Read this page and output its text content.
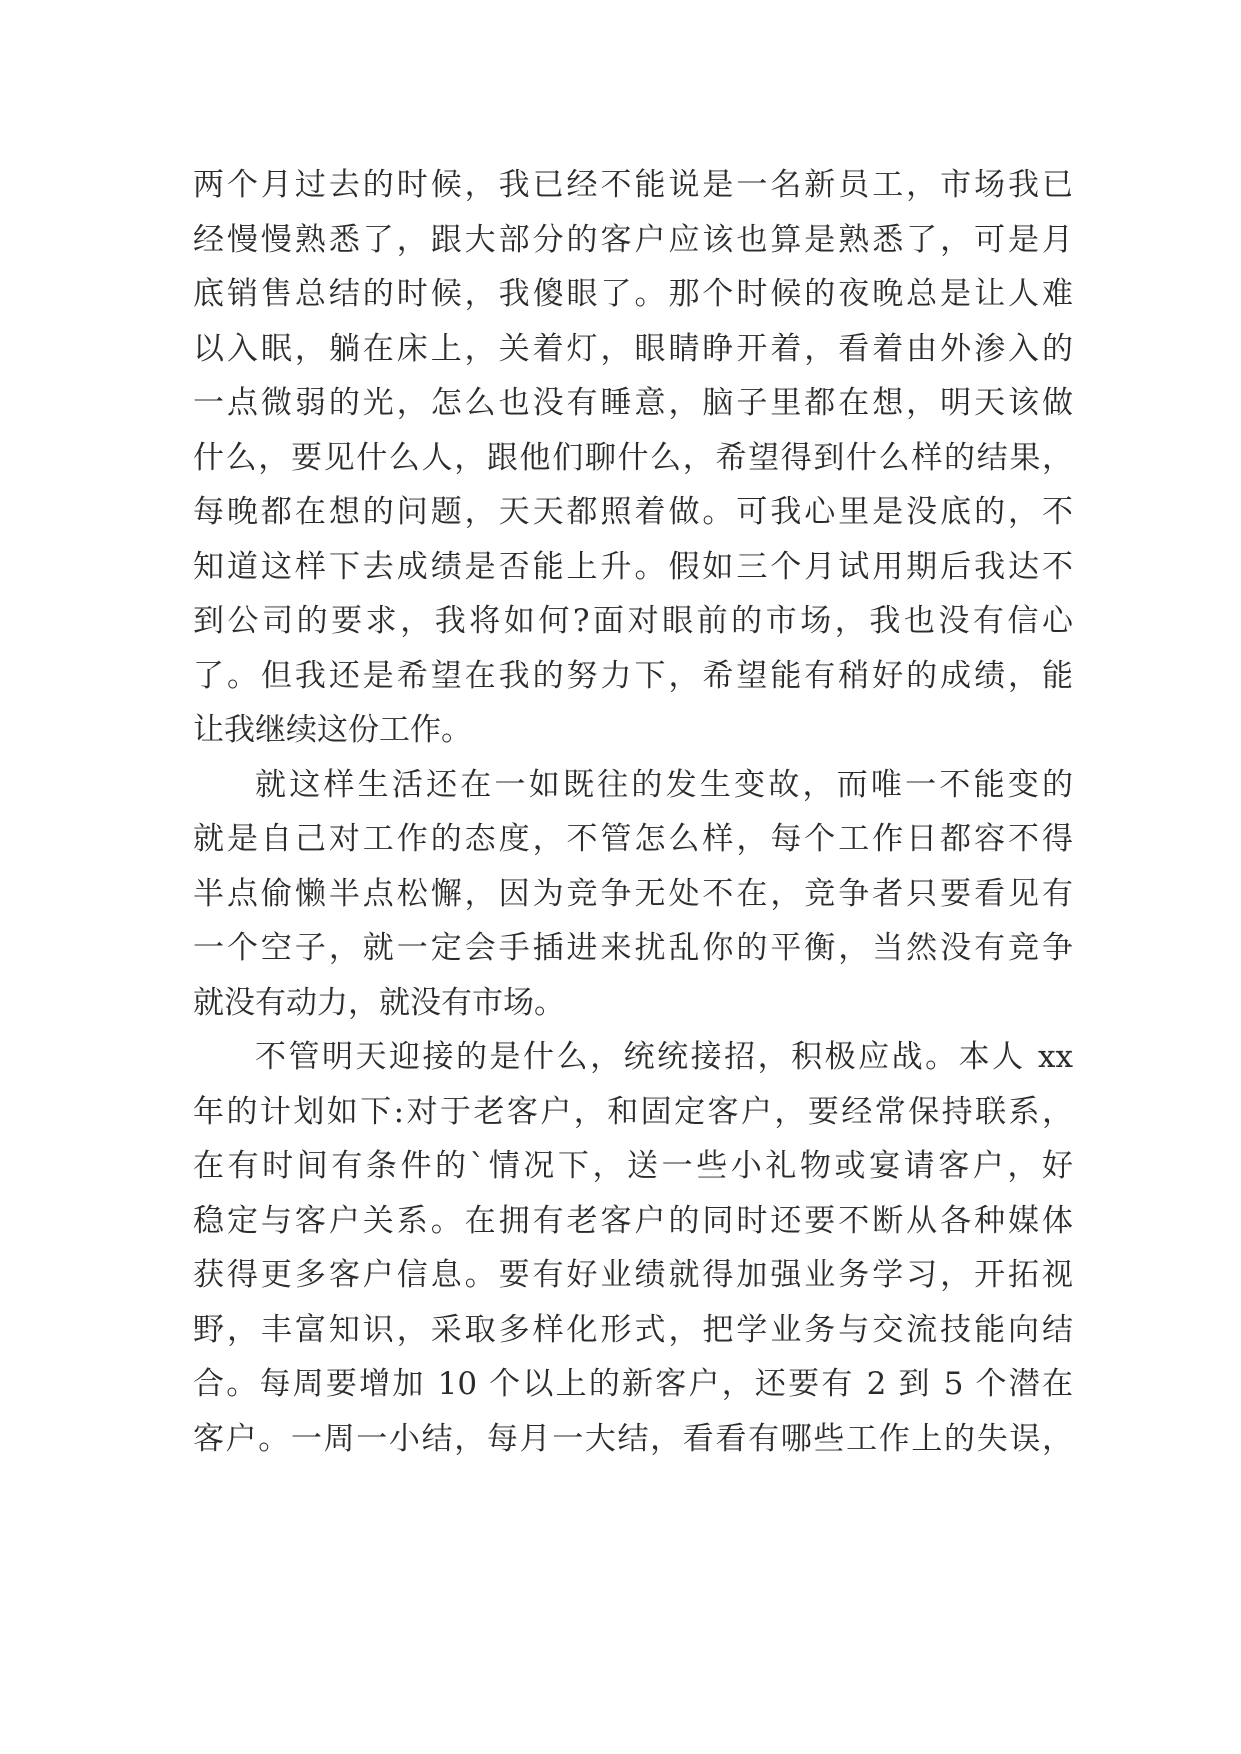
两个月过去的时候，我已经不能说是一名新员工，市场我已
经慢慢熟悉了，跟大部分的客户应该也算是熟悉了，可是月
底销售总结的时候，我傻眼了。那个时候的夜晚总是让人难
以入眠，躺在床上，关着灯，眼睛睁开着，看着由外渗入的
一点微弱的光，怎么也没有睡意，脑子里都在想，明天该做
什么，要见什么人，跟他们聊什么，希望得到什么样的结果，
每晚都在想的问题，天天都照着做。可我心里是没底的，不
知道这样下去成绩是否能上升。假如三个月试用期后我达不
到公司的要求，我将如何?面对眼前的市场，我也没有信心
了。但我还是希望在我的努力下，希望能有稍好的成绩，能
让我继续这份工作。
就这样生活还在一如既往的发生变故，而唯一不能变的
就是自己对工作的态度，不管怎么样，每个工作日都容不得
半点偷懒半点松懈，因为竞争无处不在，竞争者只要看见有
一个空子，就一定会手插进来扰乱你的平衡，当然没有竞争
就没有动力，就没有市场。
不管明天迎接的是什么，统统接招，积极应战。本人 xx
年的计划如下:对于老客户，和固定客户，要经常保持联系，
在有时间有条件的`情况下，送一些小礼物或宴请客户，好
稳定与客户关系。在拥有老客户的同时还要不断从各种媒体
获得更多客户信息。要有好业绩就得加强业务学习，开拓视
野，丰富知识，采取多样化形式，把学业务与交流技能向结
合。每周要增加 10 个以上的新客户，还要有 2 到 5 个潜在
客户。一周一小结，每月一大结，看看有哪些工作上的失误，
